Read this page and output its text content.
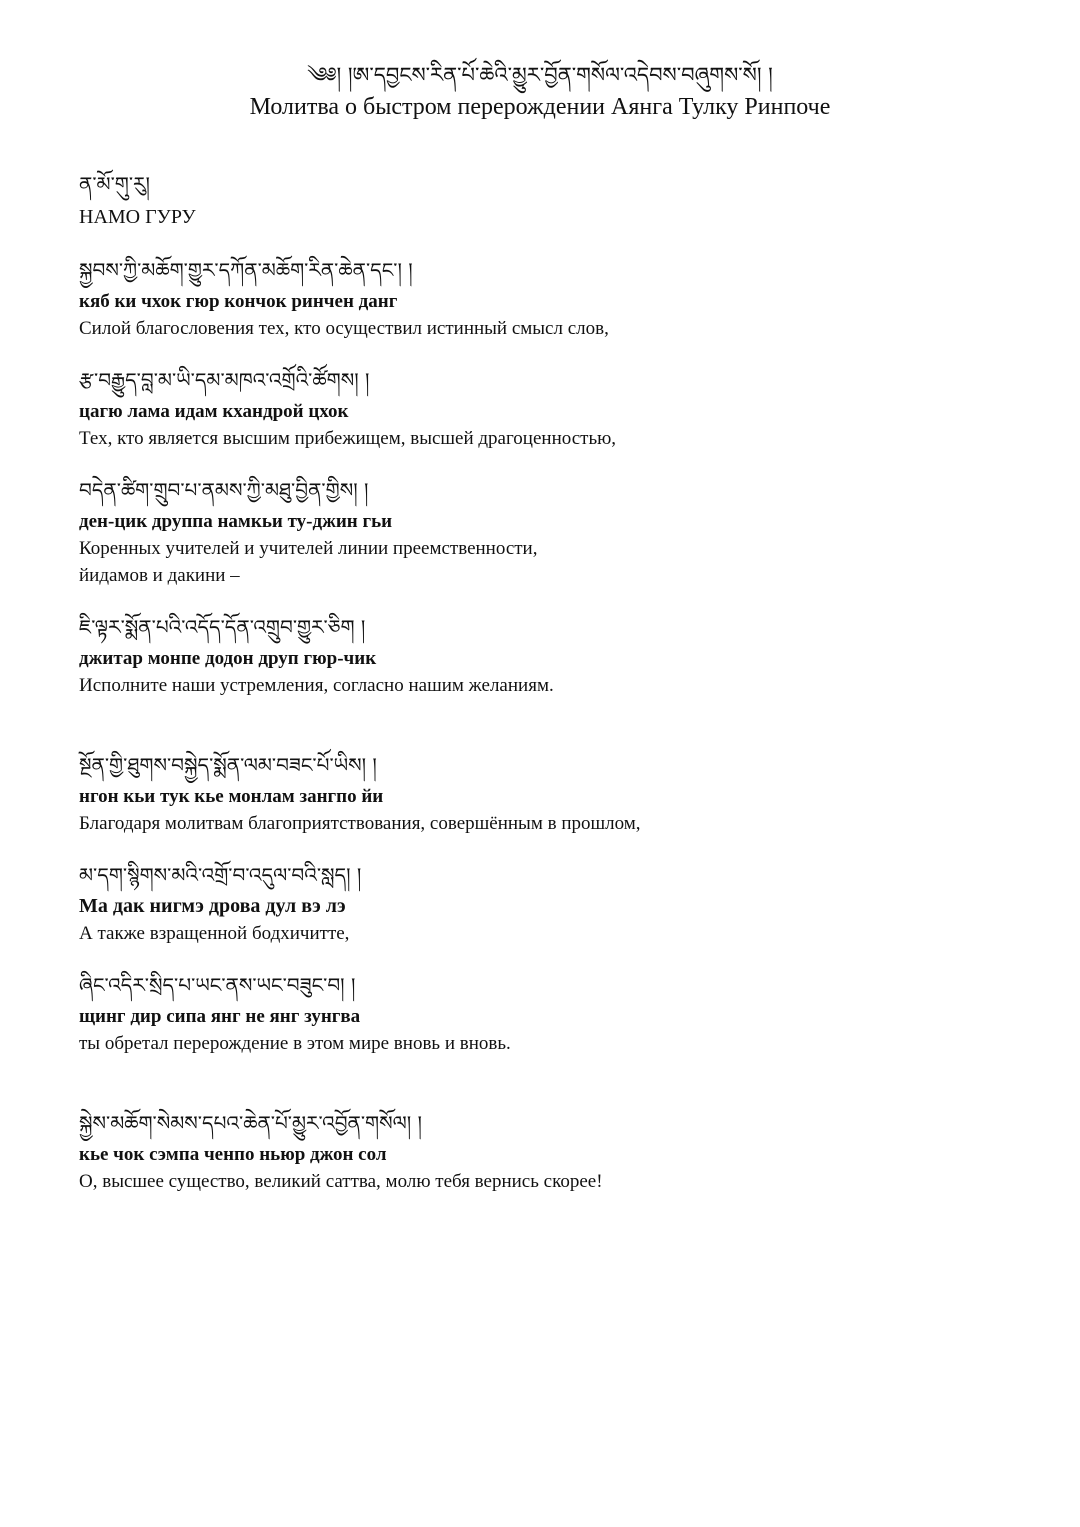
༄༅། །ཨ་དབྱངས་རིན་པོ་ཆེའི་མྱུར་བྱོན་གསོལ་འདེབས་བཞུགས་སོ། །
Молитва о быстром перерождении Аянга Тулку Ринпоче
ན་མོ་གུ་རུ།
НАМО ГУРУ
སྐྱབས་ཀྱི་མཆོག་གྱུར་དཀོན་མཆོག་རིན་ཆེན་དང་། །
кяб ки чхок гюр кончок ринчен данг
Силой благословения тех, кто осуществил истинный смысл слов,
རྩ་བརྒྱུད་བླ་མ་ཡི་དམ་མཁའ་འགྲོའི་ཚོགས། །
цагю лама идам кхандрой цхок
Тех, кто является высшим прибежищем, высшей драгоценностью,
བདེན་ཚིག་གྲུབ་པ་ནམས་ཀྱི་མཐུ་བྱིན་གྱིས། །
ден-цик друппа намкьи ту-джин гьи
Коренных учителей и учителей линии преемственности,
йидамов и дакини –
ཇི་ལྟར་སྨོན་པའི་འདོད་དོན་འགྲུབ་གྱུར་ཅིག །
джитар монпе додон друп гюр-чик
Исполните наши устремления, согласно нашим желаниям.
སྔོན་གྱི་ཐུགས་བསྐྱེད་སྨོན་ལམ་བཟང་པོ་ཡིས། །
нгон кьи тук кье монлам зангпо йи
Благодаря молитвам благоприятствования, совершённым в прошлом,
མ་དག་སྙིགས་མའི་འགྲོ་བ་འདུལ་བའི་སླད། །
Ма дак нигмэ дрова дул вэ лэ
А также взращенной бодхичитте,
ཞིང་འདིར་སྲིད་པ་ཡང་ནས་ཡང་བཟུང་བ། །
щинг дир сипа янг не янг зунгва
ты обретал перерождение в этом мире вновь и вновь.
སྐྱེས་མཆོག་སེམས་དཔའ་ཆེན་པོ་མྱུར་འབྱོན་གསོལ། །
кье чок сэмпа ченпо ньюр джон сол
О, высшее существо, великий саттва, молю тебя вернись скорее!
